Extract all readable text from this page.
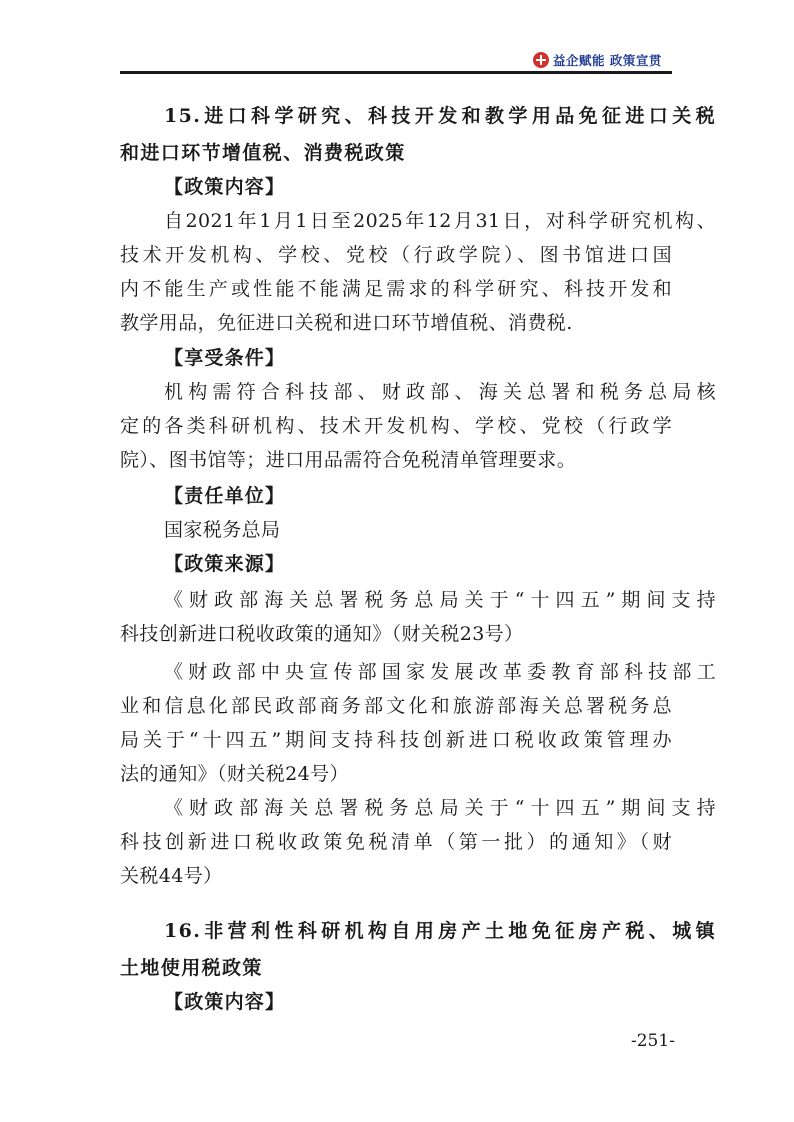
益企赋能 政策宣贯
15.进口科学研究、科技开发和教学用品免征进口关税
和进口环节增值税、消费税政策
【政策内容】
自2021年1月1日至2025年12月31日，对科学研究机构、
技术开发机构、学校、党校（行政学院）、图书馆进口国
内不能生产或性能不能满足需求的科学研究、科技开发和
教学用品，免征进口关税和进口环节增值税、消费税.
【享受条件】
机构需符合科技部、财政部、海关总署和税务总局核
定的各类科研机构、技术开发机构、学校、党校（行政学
院）、图书馆等；进口用品需符合免税清单管理要求。
【责任单位】
国家税务总局
【政策来源】
《财政部海关总署税务总局关于“十四五”期间支持
科技创新进口税收政策的通知》（财关税23号）
《财政部中央宣传部国家发展改革委教育部科技部工
业和信息化部民政部商务部文化和旅游部海关总署税务总
局关于“十四五”期间支持科技创新进口税收政策管理办
法的通知》（财关税24号）
《财政部海关总署税务总局关于“十四五”期间支持
科技创新进口税收政策免税清单（第一批）的通知》（财
关税44号）
16.非营利性科研机构自用房产土地免征房产税、城镇
土地使用税政策
【政策内容】
-251-
